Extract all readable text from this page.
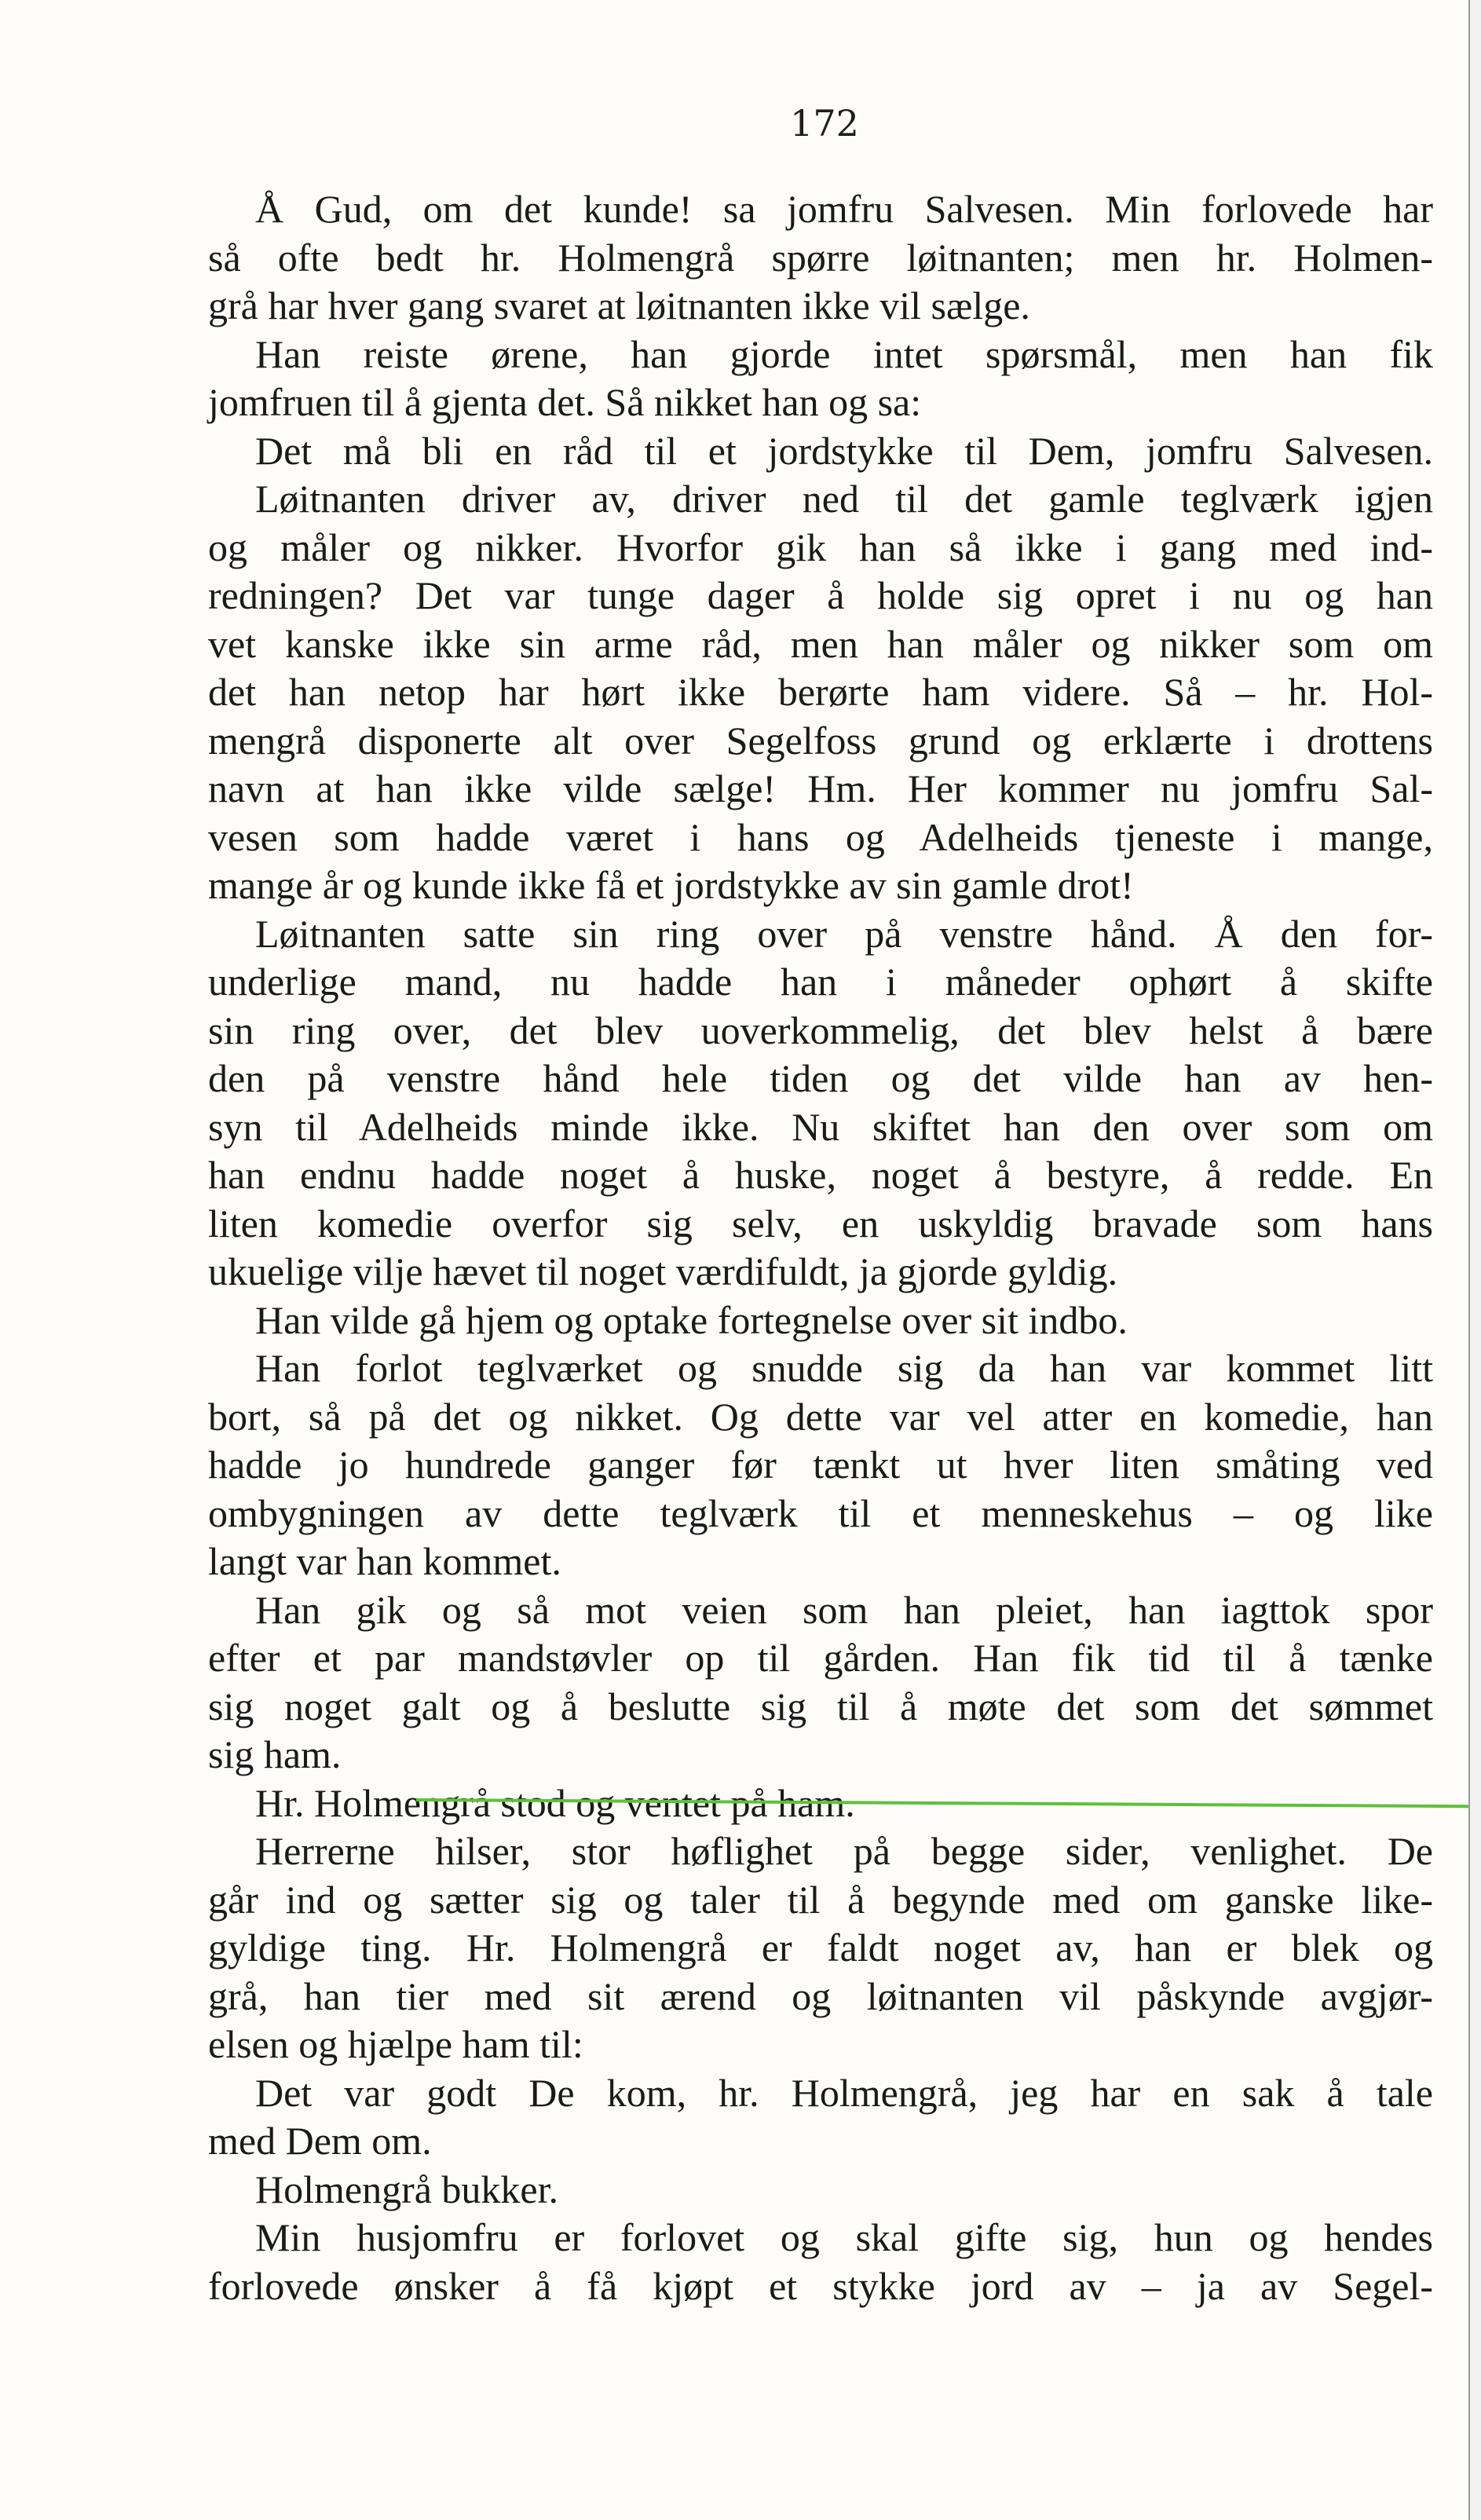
172
Å Gud, om det kunde! sa jomfru Salvesen. Min forlovede har
så ofte bedt hr. Holmengrå spørre løitnanten; men hr. Holmen-
grå har hver gang svaret at løitnanten ikke vil sælge.
Han reiste ørene, han gjorde intet spørsmål, men han fik
jomfruen til å gjenta det. Så nikket han og sa:
Det må bli en råd til et jordstykke til Dem, jomfru Salvesen.
Løitnanten driver av, driver ned til det gamle teglværk igjen
og måler og nikker. Hvorfor gik han så ikke i gang med ind-
redningen? Det var tunge dager å holde sig opret i nu og han
vet kanske ikke sin arme råd, men han måler og nikker som om
det han netop har hørt ikke berørte ham videre. Så – hr. Hol-
mengrå disponerte alt over Segelfoss grund og erklærte i drottens
navn at han ikke vilde sælge! Hm. Her kommer nu jomfru Sal-
vesen som hadde været i hans og Adelheids tjeneste i mange,
mange år og kunde ikke få et jordstykke av sin gamle drot!
Løitnanten satte sin ring over på venstre hånd. Å den for-
underlige mand, nu hadde han i måneder ophørt å skifte
sin ring over, det blev uoverkommelig, det blev helst å bære
den på venstre hånd hele tiden og det vilde han av hen-
syn til Adelheids minde ikke. Nu skiftet han den over som om
han endnu hadde noget å huske, noget å bestyre, å redde. En
liten komedie overfor sig selv, en uskyldig bravade som hans
ukuelige vilje hævet til noget værdifuldt, ja gjorde gyldig.
Han vilde gå hjem og optake fortegnelse over sit indbo.
Han forlot teglværket og snudde sig da han var kommet litt
bort, så på det og nikket. Og dette var vel atter en komedie, han
hadde jo hundrede ganger før tænkt ut hver liten småting ved
ombygningen av dette teglværk til et menneskehus – og like
langt var han kommet.
Han gik og så mot veien som han pleiet, han iagttok spor
efter et par mandstøvler op til gården. Han fik tid til å tænke
sig noget galt og å beslutte sig til å møte det som det sømmet
sig ham.
Hr. Holmengrå stod og ventet på ham.
Herrerne hilser, stor høflighet på begge sider, venlighet. De
går ind og sætter sig og taler til å begynde med om ganske like-
gyldige ting. Hr. Holmengrå er faldt noget av, han er blek og
grå, han tier med sit ærend og løitnanten vil påskynde avgjør-
elsen og hjælpe ham til:
Det var godt De kom, hr. Holmengrå, jeg har en sak å tale
med Dem om.
Holmengrå bukker.
Min husjomfru er forlovet og skal gifte sig, hun og hendes
forlovede ønsker å få kjøpt et stykke jord av – ja av Segel-
